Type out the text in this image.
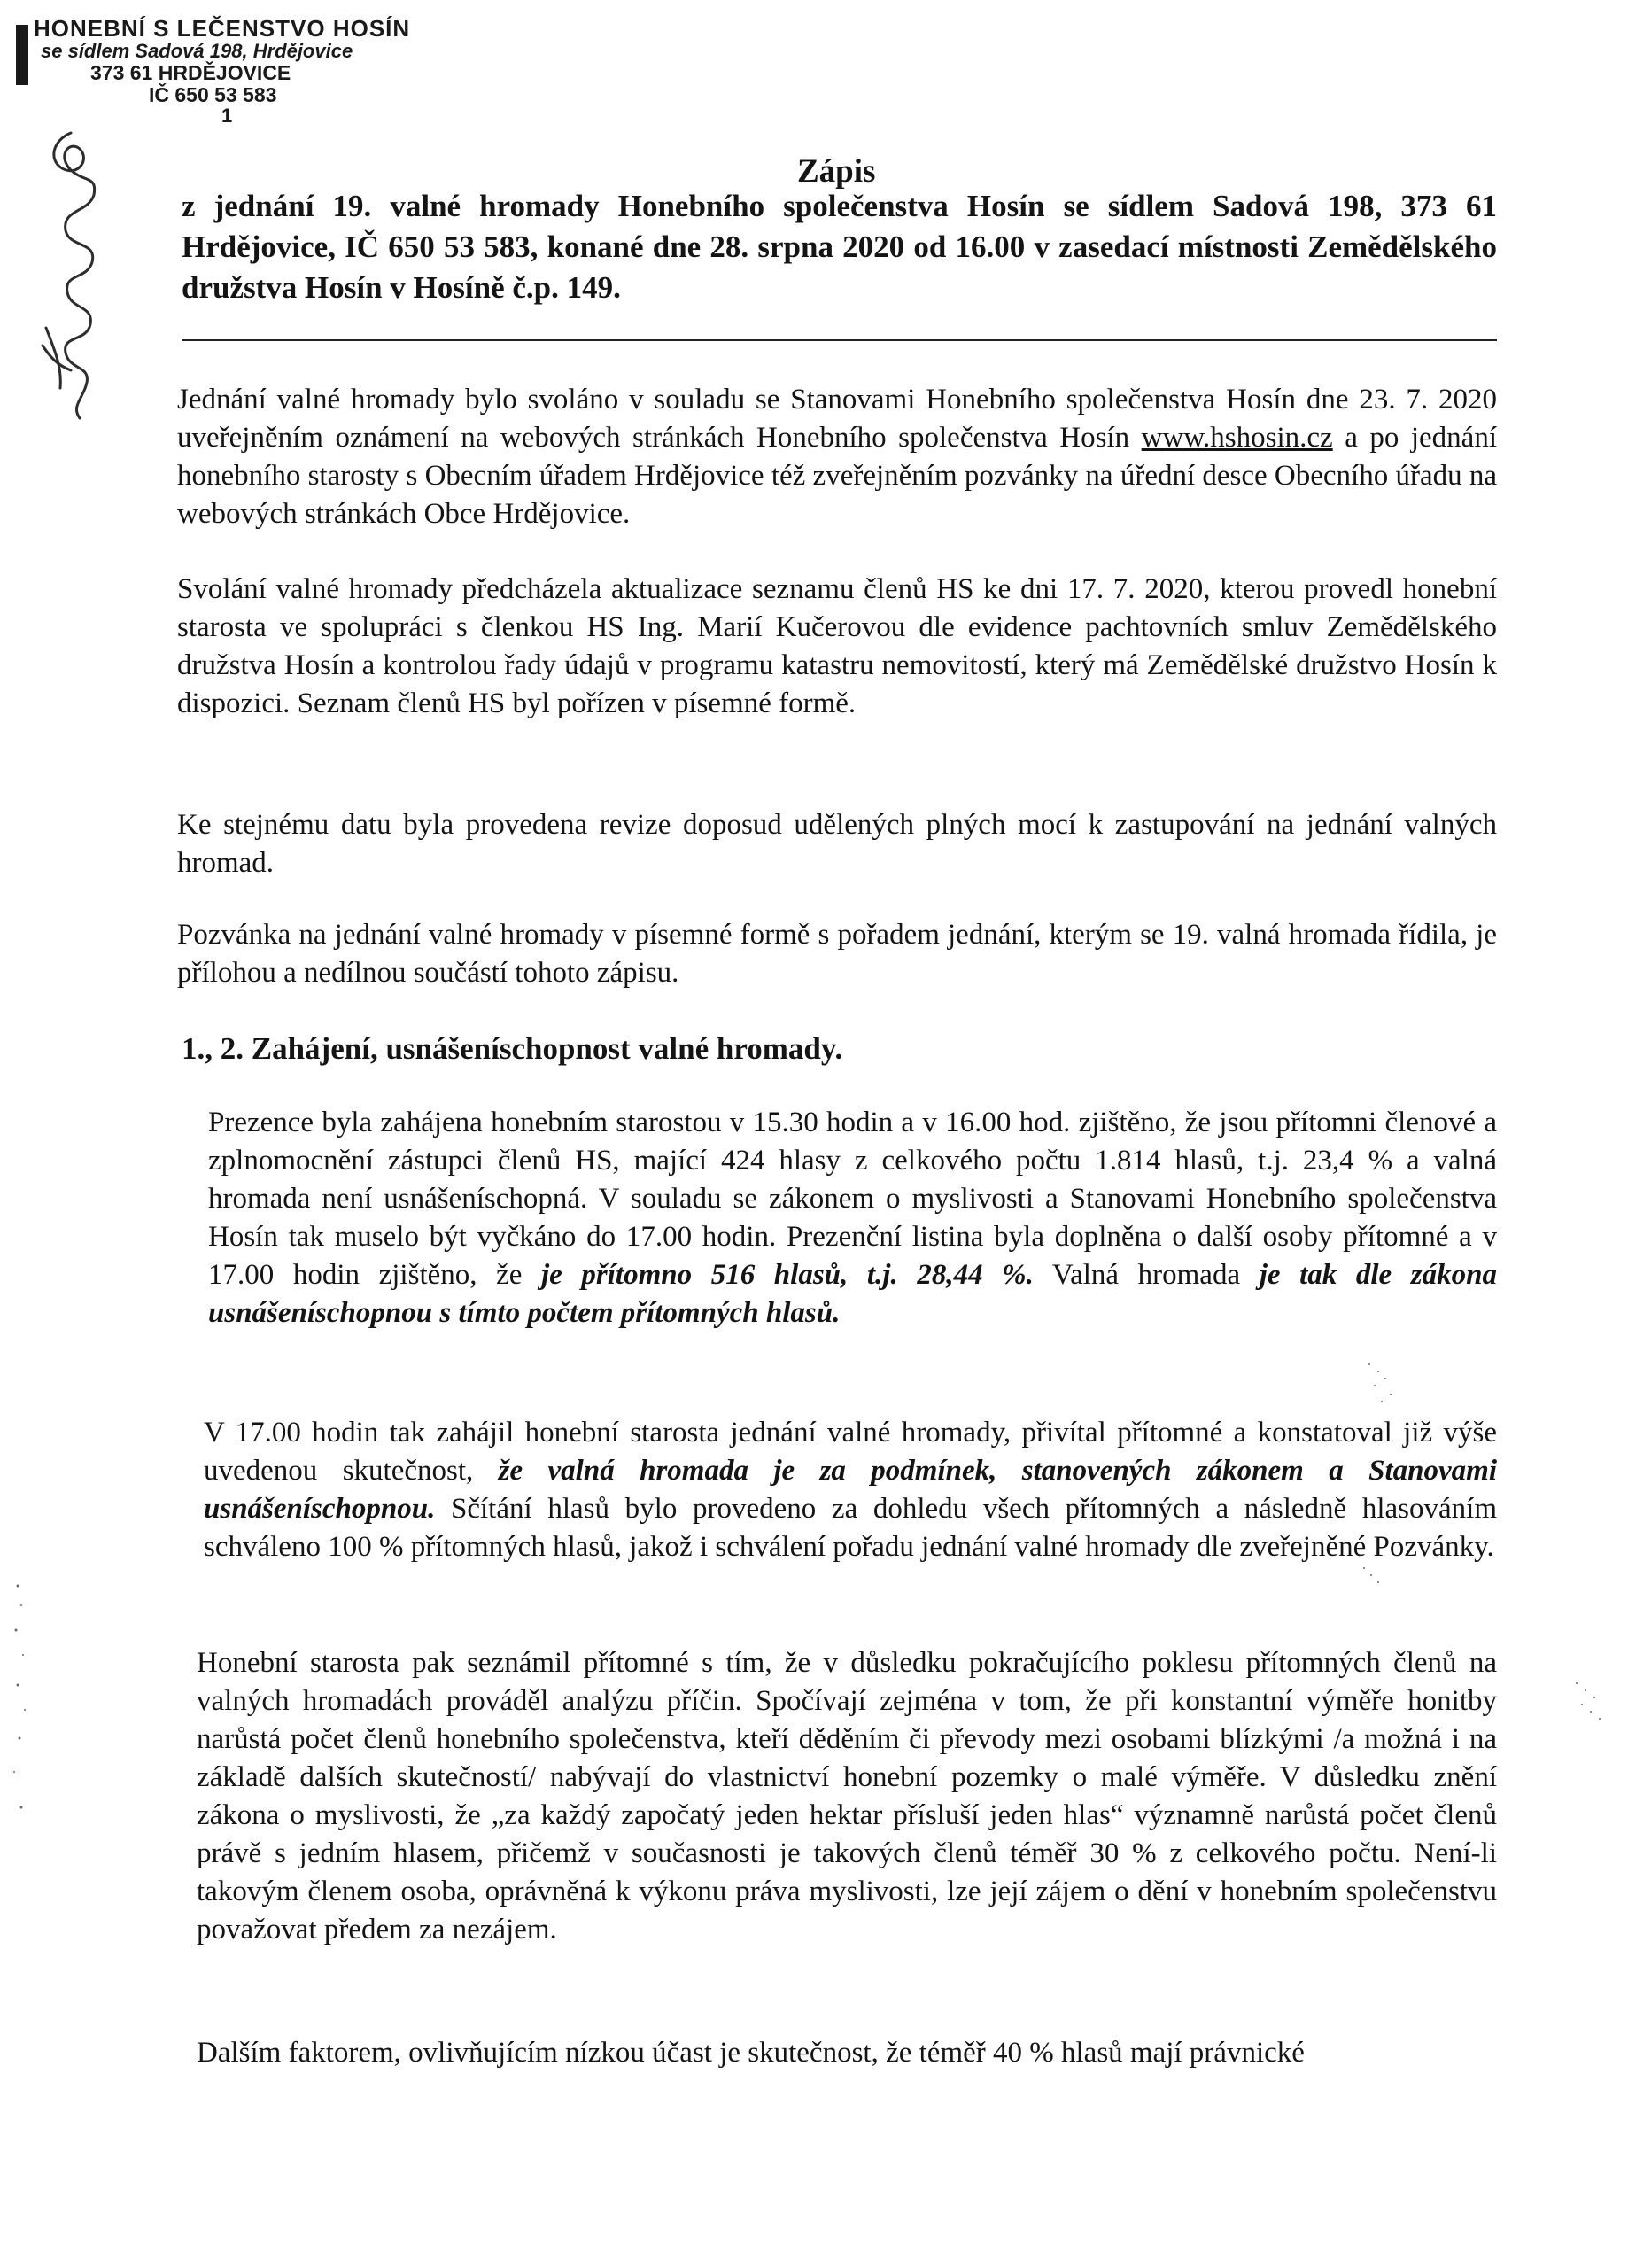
HONEBNÍ S LEČENSTVO HOSÍN
se sídlem Sadová 198, Hrdějovice
373 61 HRDĚJOVICE
IČ 650 53 583
1
Zápis
z jednání 19. valné hromady Honebního společenstva Hosín se sídlem Sadová 198, 373 61 Hrdějovice, IČ 650 53 583, konané dne 28. srpna 2020 od 16.00 v zasedací místnosti Zemědělského družstva Hosín v Hosíně č.p. 149.
Jednání valné hromady bylo svoláno v souladu se Stanovami Honebního společenstva Hosín dne 23. 7. 2020 uveřejněním oznámení na webových stránkách Honebního společenstva Hosín www.hshosin.cz a po jednání honebního starosty s Obecním úřadem Hrdějovice též zveřejněním pozvánky na úřední desce Obecního úřadu na webových stránkách Obce Hrdějovice.
Svolání valné hromady předcházela aktualizace seznamu členů HS ke dni 17. 7. 2020, kterou provedl honební starosta ve spolupráci s členkou HS Ing. Marií Kučerovou dle evidence pachtovních smluv Zemědělského družstva Hosín a kontrolou řady údajů v programu katastru nemovitostí, který má Zemědělské družstvo Hosín k dispozici. Seznam členů HS byl pořízen v písemné formě.
Ke stejnému datu byla provedena revize doposud udělených plných mocí k zastupování na jednání valných hromad.
Pozvánka na jednání valné hromady v písemné formě s pořadem jednání, kterým se 19. valná hromada řídila, je přílohou a nedílnou součástí tohoto zápisu.
1., 2. Zahájení, usnášeníschopnost valné hromady.
Prezence byla zahájena honebním starostou v 15.30 hodin a v 16.00 hod. zjištěno, že jsou přítomni členové a zplnomocnění zástupci členů HS, mající 424 hlasy z celkového počtu 1.814 hlasů, t.j. 23,4 % a valná hromada není usnášeníschopná. V souladu se zákonem o myslivosti a Stanovami Honebního společenstva Hosín tak muselo být vyčkáno do 17.00 hodin. Prezenční listina byla doplněna o další osoby přítomné a v 17.00 hodin zjištěno, že je přítomno 516 hlasů, t.j. 28,44 %. Valná hromada je tak dle zákona usnášeníschopnou s tímto počtem přítomných hlasů.
V 17.00 hodin tak zahájil honební starosta jednání valné hromady, přivítal přítomné a konstatoval již výše uvedenou skutečnost, že valná hromada je za podmínek, stanovených zákonem a Stanovami usnášeníschopnou. Sčítání hlasů bylo provedeno za dohledu všech přítomných a následně hlasováním schváleno 100 % přítomných hlasů, jakož i schválení pořadu jednání valné hromady dle zveřejněné Pozvánky.
Honební starosta pak seznámil přítomné s tím, že v důsledku pokračujícího poklesu přítomných členů na valných hromadách prováděl analýzu příčin. Spočívají zejména v tom, že při konstantní výměře honitby narůstá počet členů honebního společenstva, kteří děděním či převody mezi osobami blízkými /a možná i na základě dalších skutečností/ nabývají do vlastnictví honební pozemky o malé výměře. V důsledku znění zákona o myslivosti, že „za každý započatý jeden hektar přísluší jeden hlas“ významně narůstá počet členů právě s jedním hlasem, přičemž v současnosti je takových členů téměř 30 % z celkového počtu. Není-li takovým členem osoba, oprávněná k výkonu práva myslivosti, lze její zájem o dění v honebním společenstvu považovat předem za nezájem.
Dalším faktorem, ovlivňujícím nízkou účast je skutečnost, že téměř 40 % hlasů mají právnické
